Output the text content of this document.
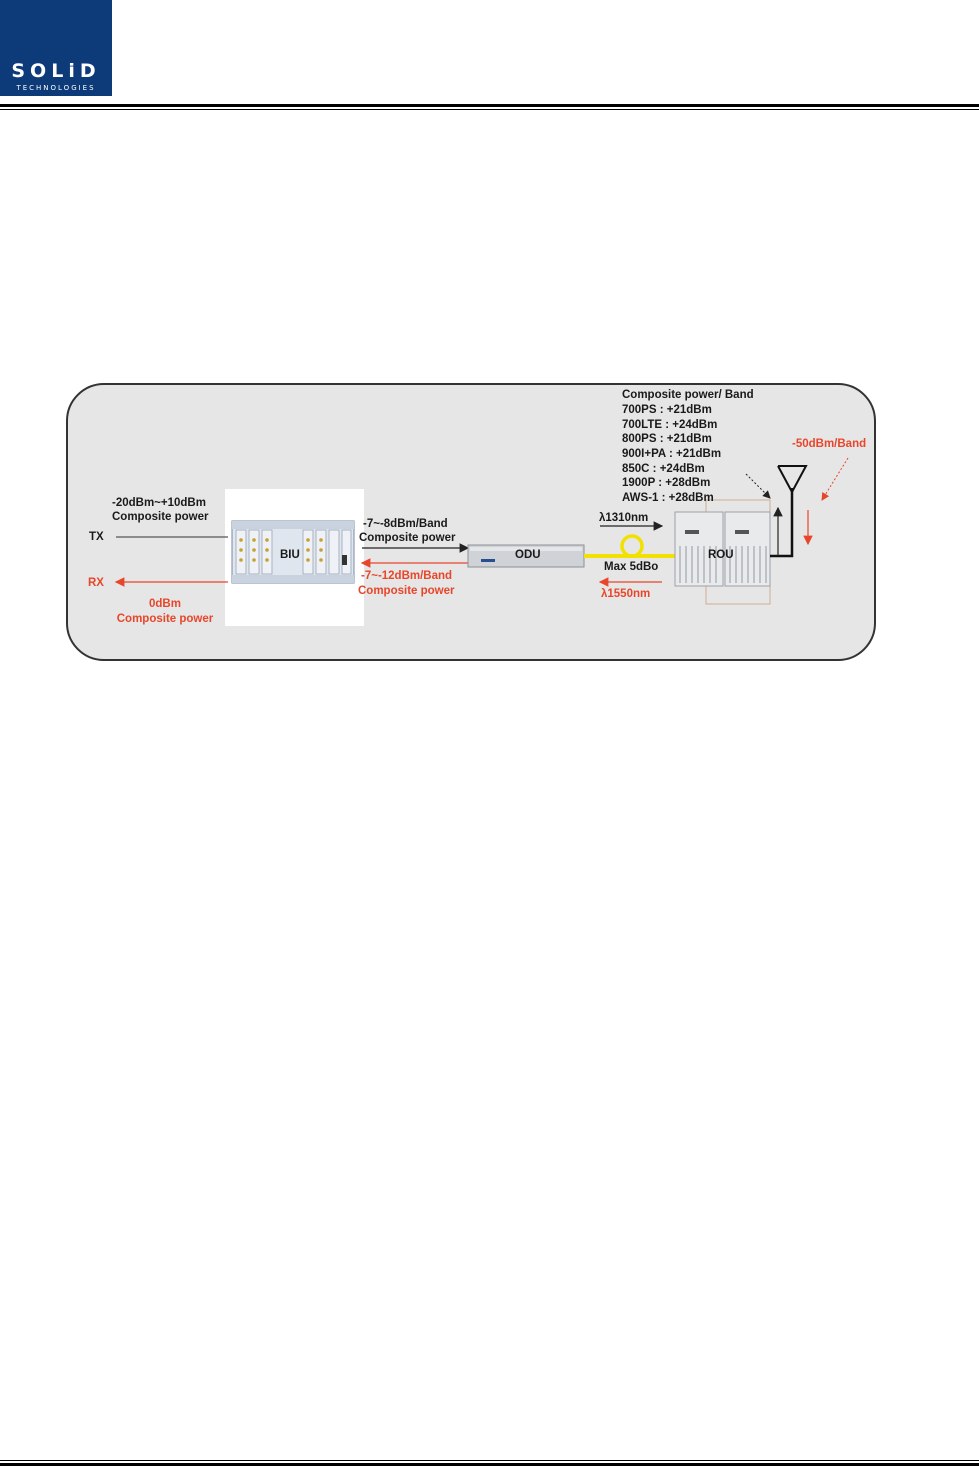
SOLiD
TECHNOLOGIES
TX
RX
-20dBm~+10dBm
Composite power
0dBm
Composite power
BIU
-7~-8dBm/Band
Composite power
-7~-12dBm/Band
Composite power
ODU
λ1310nm
Max 5dBo
λ1550nm
ROU
Composite power/ Band
700PS : +21dBm
700LTE : +24dBm
800PS : +21dBm
900I+PA : +21dBm
850C : +24dBm
1900P : +28dBm
AWS-1 : +28dBm
-50dBm/Band
